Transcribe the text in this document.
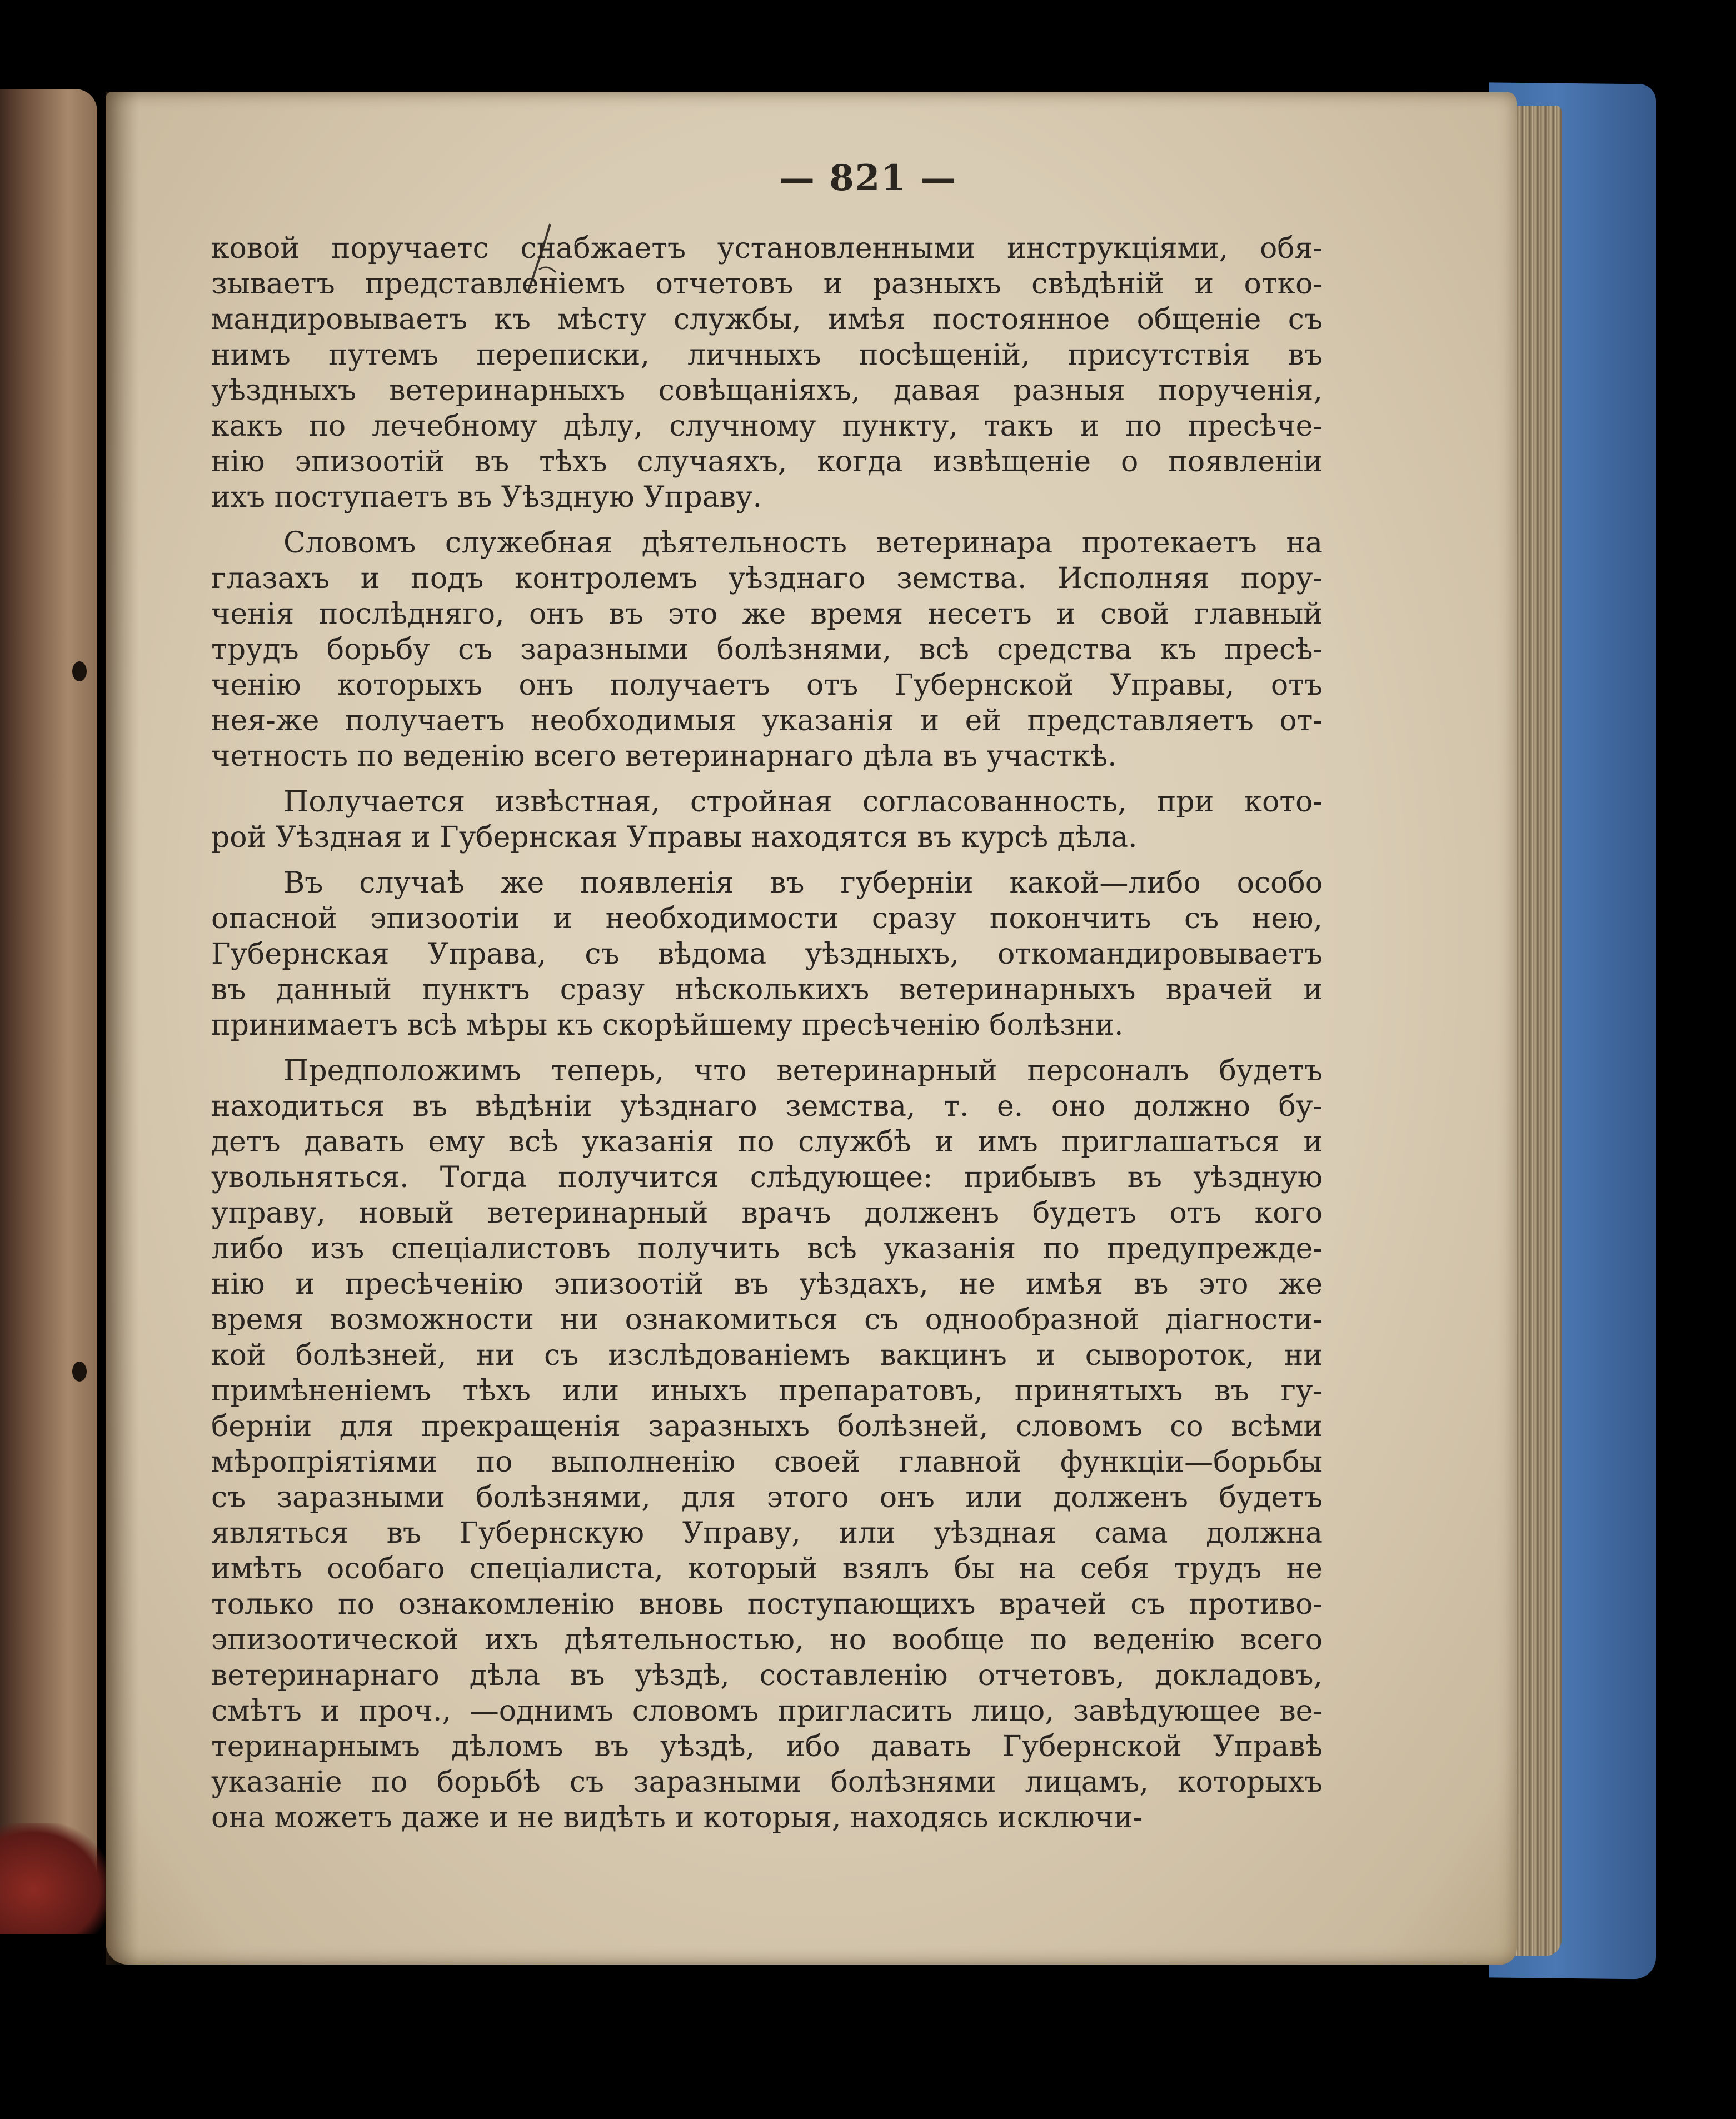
— 821 —

ковой поручаетс снабжаетъ установленными инструкцiями, обя-
зываетъ представленiемъ отчетовъ и разныхъ свѣдѣнiй и отко-
мандировываетъ къ мѣсту службы, имѣя постоянное общенiе съ
нимъ путемъ переписки, личныхъ посѣщенiй, присутствiя въ
уѣздныхъ ветеринарныхъ совѣщанiяхъ, давая разныя порученiя,
какъ по лечебному дѣлу, случному пункту, такъ и по пресѣче-
нiю эпизоотiй въ тѣхъ случаяхъ, когда извѣщенiе о появленiи
ихъ поступаетъ въ Уѣздную Управу.

Словомъ служебная дѣятельность ветеринара протекаетъ на
глазахъ и подъ контролемъ уѣзднаго земства. Исполняя пору-
ченiя послѣдняго, онъ въ это же время несетъ и свой главный
трудъ борьбу съ заразными болѣзнями, всѣ средства къ пресѣ-
ченiю которыхъ онъ получаетъ отъ Губернской Управы, отъ
нея-же получаетъ необходимыя указанiя и ей представляетъ от-
четность по веденiю всего ветеринарнаго дѣла въ участкѣ.

Получается извѣстная, стройная согласованность, при кото-
рой Уѣздная и Губернская Управы находятся въ курсѣ дѣла.

Въ случаѣ же появленiя въ губернiи какой—либо особо
опасной эпизоотiи и необходимости сразу покончить съ нею,
Губернская Управа, съ вѣдома уѣздныхъ, откомандировываетъ
въ данный пунктъ сразу нѣсколькихъ ветеринарныхъ врачей и
принимаетъ всѣ мѣры къ скорѣйшему пресѣченiю болѣзни.

Предположимъ теперь, что ветеринарный персоналъ будетъ
находиться въ вѣдѣнiи уѣзднаго земства, т. е. оно должно бу-
детъ давать ему всѣ указанiя по службѣ и имъ приглашаться и
увольняться. Тогда получится слѣдующее: прибывъ въ уѣздную
управу, новый ветеринарный врачъ долженъ будетъ отъ кого
либо изъ спецiалистовъ получить всѣ указанiя по предупрежде-
нiю и пресѣченiю эпизоотiй въ уѣздахъ, не имѣя въ это же
время возможности ни ознакомиться съ однообразной дiагности-
кой болѣзней, ни съ изслѣдованiемъ вакцинъ и сывороток, ни
примѣненiемъ тѣхъ или иныхъ препаратовъ, принятыхъ въ гу-
бернiи для прекращенiя заразныхъ болѣзней, словомъ со всѣми
мѣропрiятiями по выполненiю своей главной функцiи—борьбы
съ заразными болѣзнями, для этого онъ или долженъ будетъ
являться въ Губернскую Управу, или уѣздная сама должна
имѣть особаго спецiалиста, который взялъ бы на себя трудъ не
только по ознакомленiю вновь поступающихъ врачей съ противо-
эпизоотической ихъ дѣятельностью, но вообще по веденiю всего
ветеринарнаго дѣла въ уѣздѣ, составленiю отчетовъ, докладовъ,
смѣтъ и проч., —однимъ словомъ пригласить лицо, завѣдующее ве-
теринарнымъ дѣломъ въ уѣздѣ, ибо давать Губернской Управѣ
указанiе по борьбѣ съ заразными болѣзнями лицамъ, которыхъ
она можетъ даже и не видѣть и которыя, находясь исключи-
